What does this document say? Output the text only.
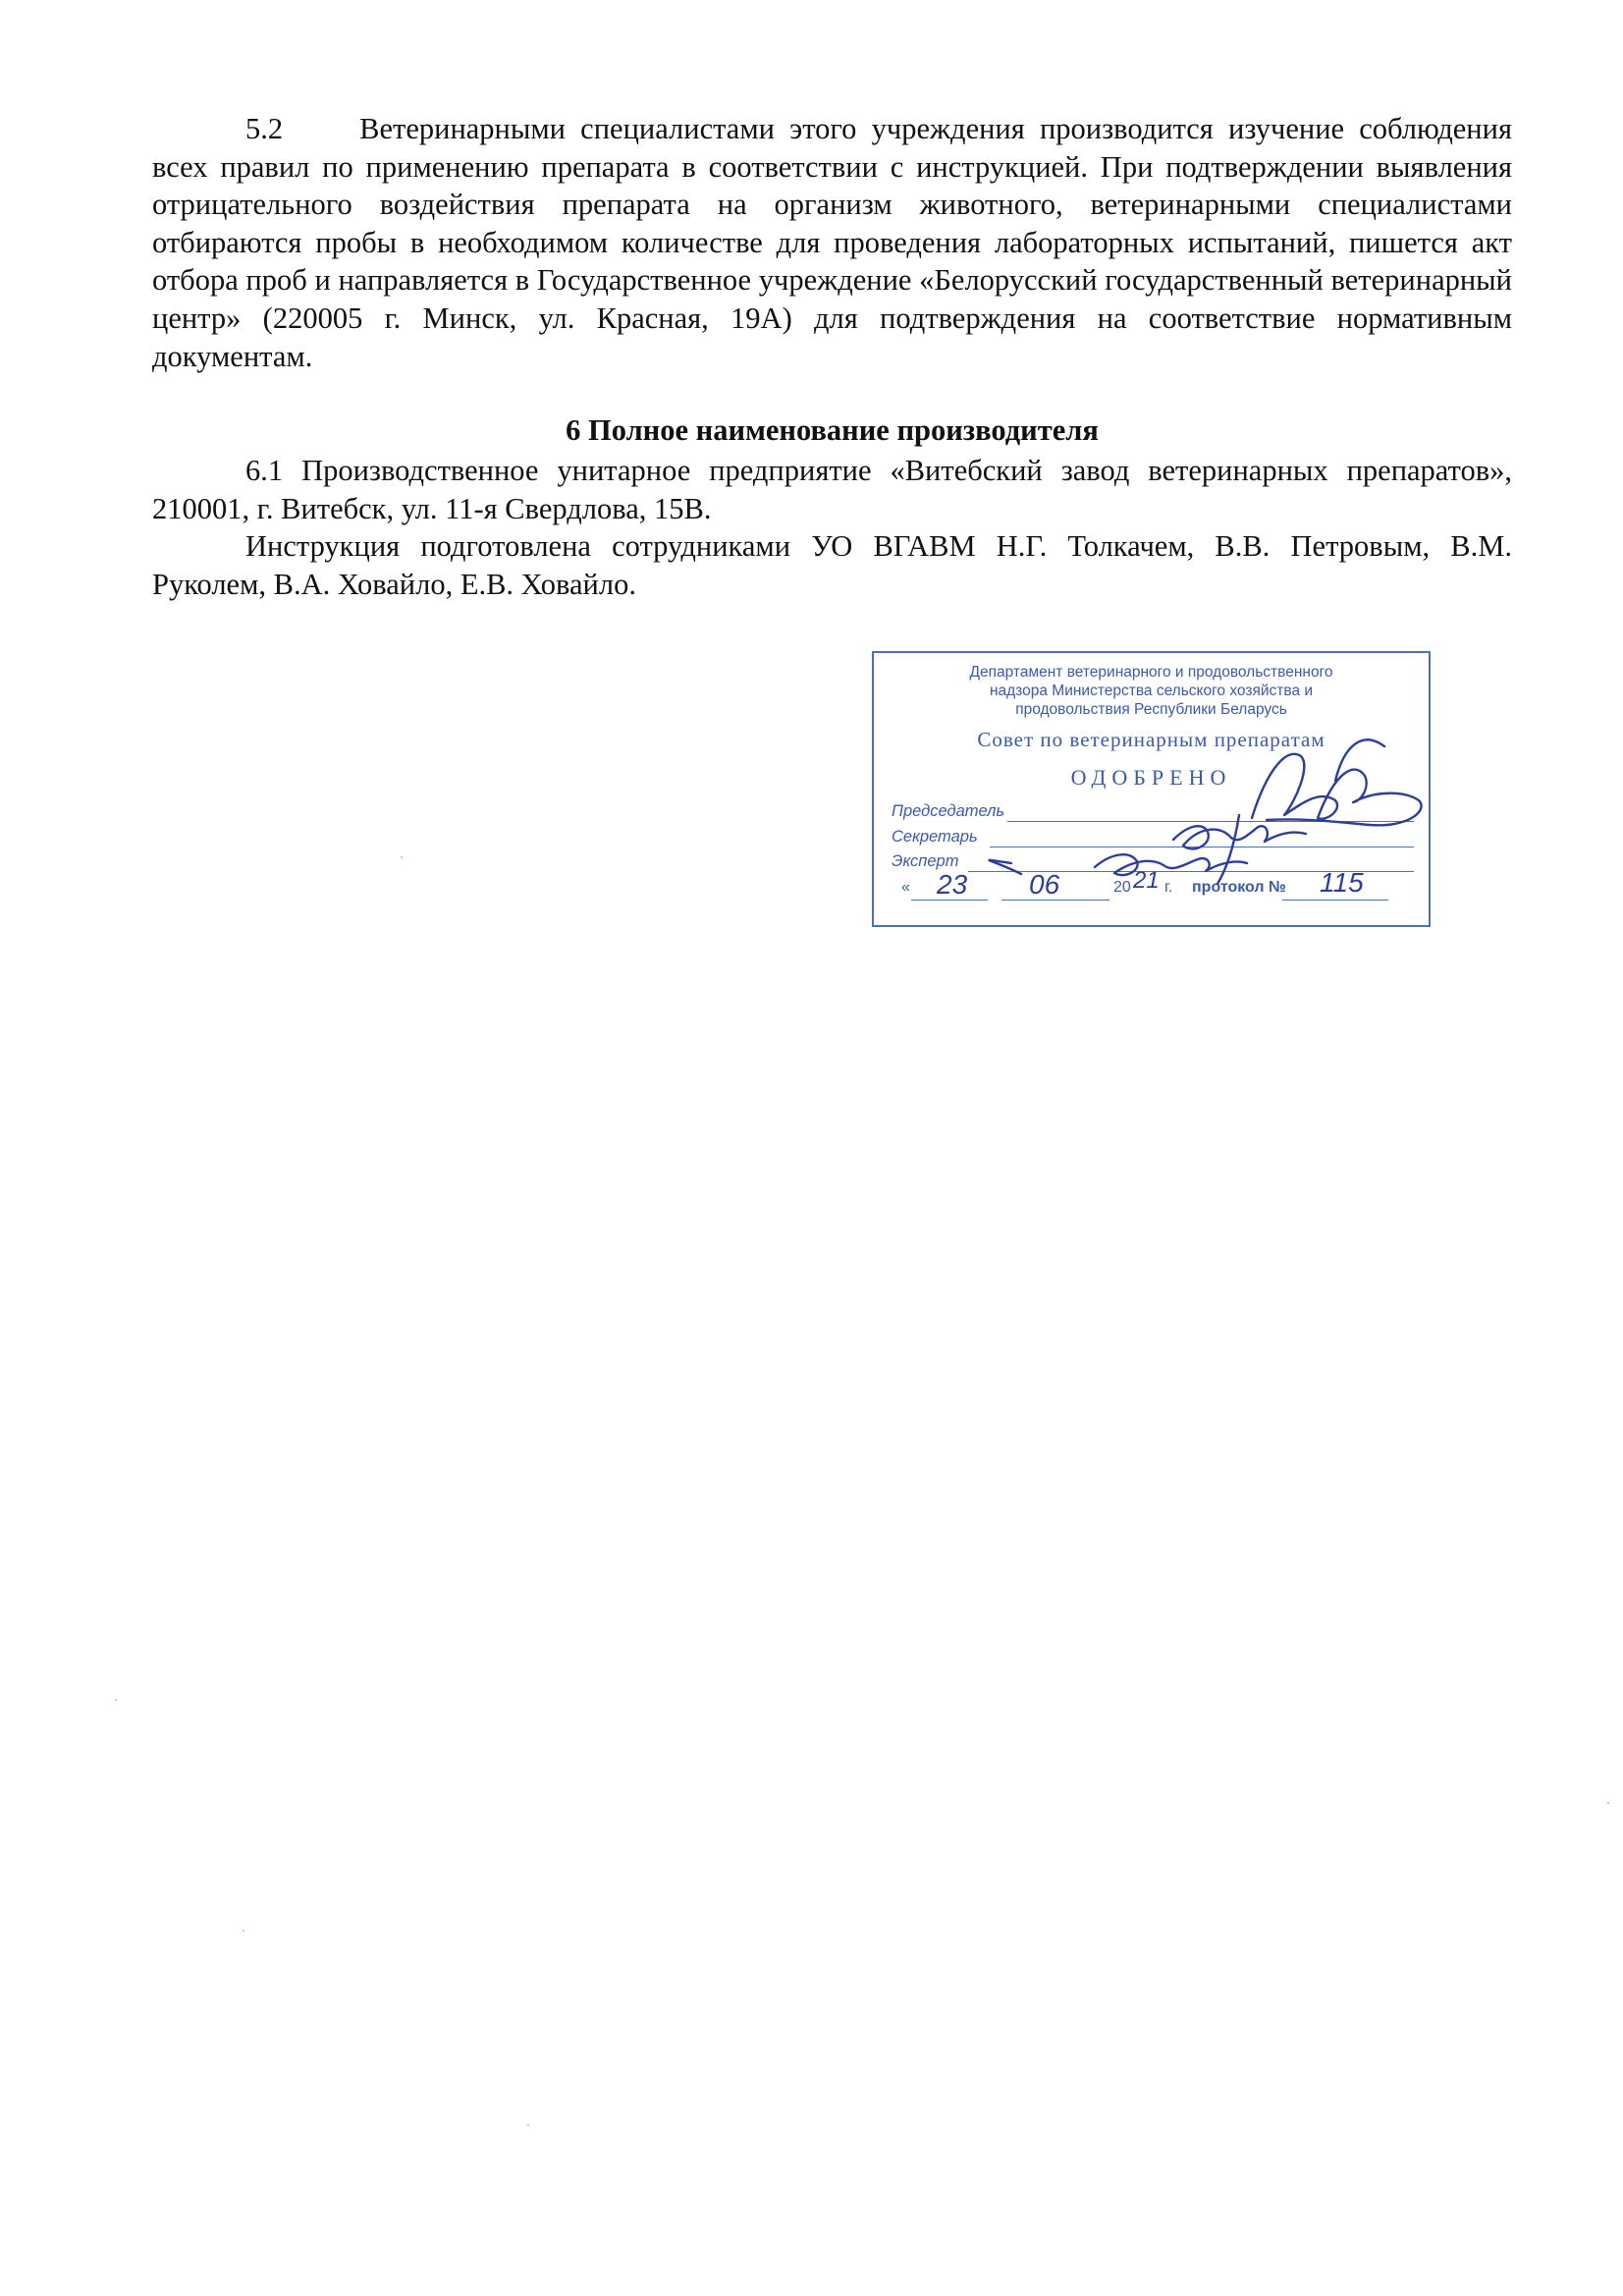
5.2	Ветеринарными специалистами этого учреждения производится изучение соблюдения всех правил по применению препарата в соответствии с инструкцией. При подтверждении выявления отрицательного воздействия препарата на организм животного, ветеринарными специалистами отбираются пробы в необходимом количестве для проведения лабораторных испытаний, пишется акт отбора проб и направляется в Государственное учреждение «Белорусский государственный ветеринарный центр» (220005 г. Минск, ул. Красная, 19А) для подтверждения на соответствие нормативным документам.

6 Полное наименование производителя

6.1 Производственное унитарное предприятие «Витебский завод ветеринарных препаратов», 210001, г. Витебск, ул. 11-я Свердлова, 15В.

Инструкция подготовлена сотрудниками УО ВГАВМ Н.Г. Толкачем, В.В. Петровым, В.М. Руколем, В.А. Ховайло, Е.В. Ховайло.

Департамент ветеринарного и продовольственного
надзора Министерства сельского хозяйства и
продовольствия Республики Беларусь
Совет по ветеринарным препаратам
ОДОБРЕНО
Председатель
Секретарь
Эксперт
« 23 06	20 21 г. протокол № 115
